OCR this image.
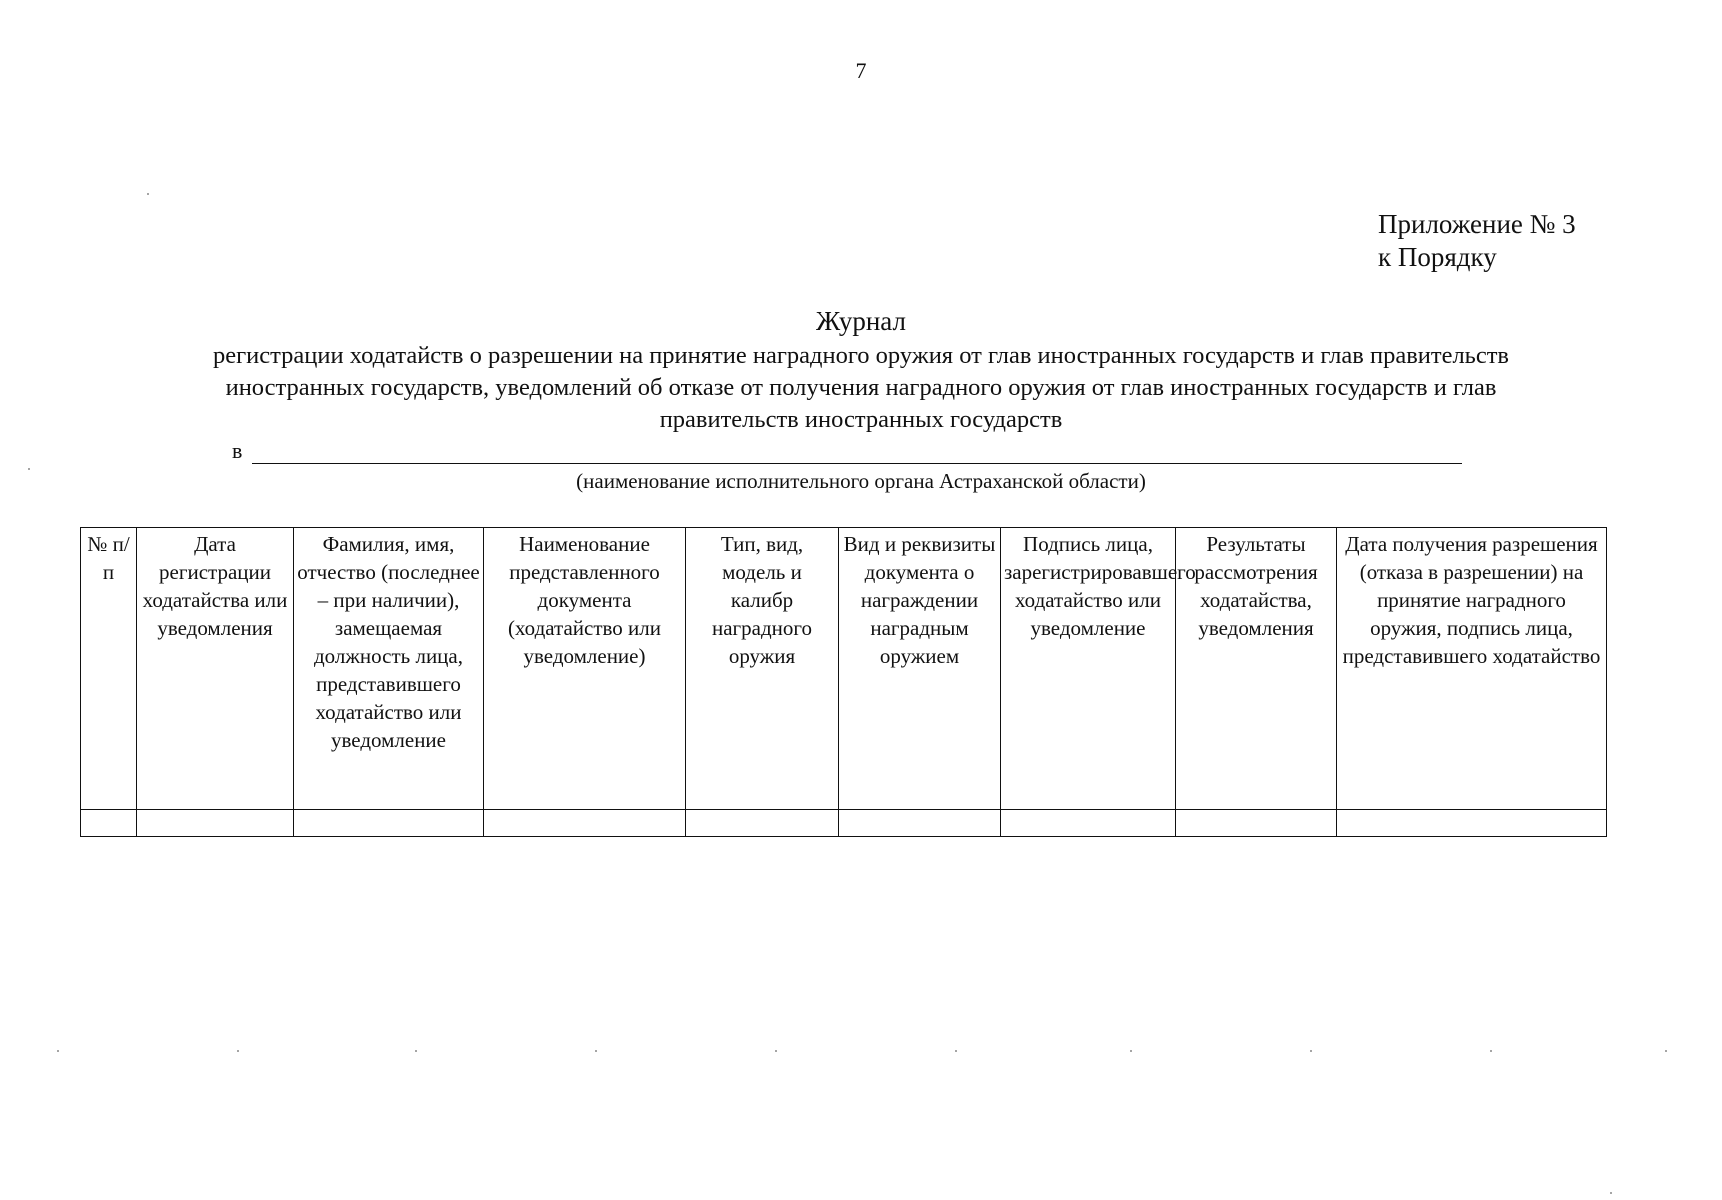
7
Приложение № 3
к Порядку
Журнал
регистрации ходатайств о разрешении на принятие наградного оружия от глав иностранных государств и глав правительств
иностранных государств, уведомлений об отказе от получения наградного оружия от глав иностранных государств и глав
правительств иностранных государств
в
(наименование исполнительного органа Астраханской области)
№ п/п	Дата регистрации ходатайства или уведомления	Фамилия, имя, отчество (последнее – при наличии), замещаемая должность лица, представившего ходатайство или уведомление	Наименование представленного документа (ходатайство или уведомление)	Тип, вид, модель и калибр наградного оружия	Вид и реквизиты документа о награждении наградным оружием	Подпись лица, зарегистрировавшего ходатайство или уведомление	Результаты рассмотрения ходатайства, уведомления	Дата получения разрешения (отказа в разрешении) на принятие наградного оружия, подпись лица, представившего ходатайство
